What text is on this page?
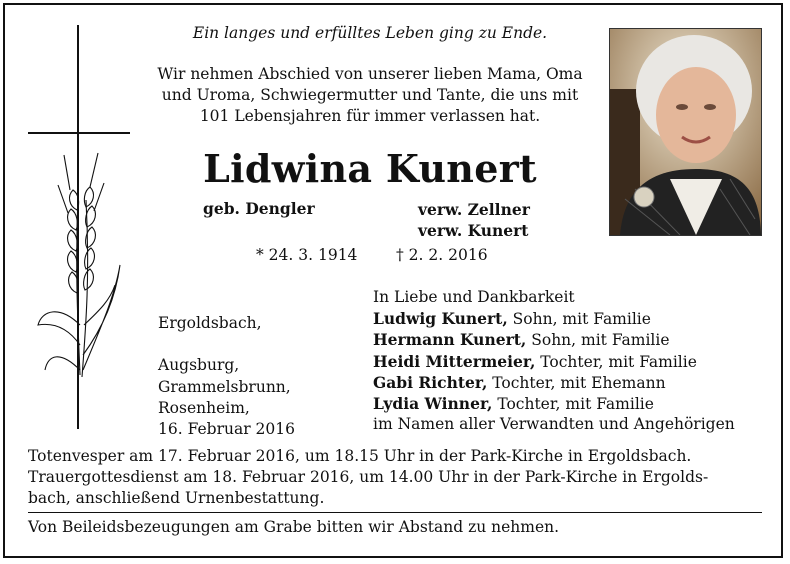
Ein langes und erfülltes Leben ging zu Ende.
Wir nehmen Abschied von unserer lieben Mama, Oma und Uroma, Schwiegermutter und Tante, die uns mit 101 Lebensjahren für immer verlassen hat.
Lidwina Kunert
geb. Dengler	verw. Zellner
verw. Kunert
* 24. 3. 1914 † 2. 2. 2016
In Liebe und Dankbarkeit
Ludwig Kunert, Sohn, mit Familie
Hermann Kunert, Sohn, mit Familie
Heidi Mittermeier, Tochter, mit Familie
Gabi Richter, Tochter, mit Ehemann
Lydia Winner, Tochter, mit Familie
im Namen aller Verwandten und Angehörigen
Ergoldsbach,
Augsburg,
Grammelsbrunn,
Rosenheim,
16. Februar 2016
Totenvesper am 17. Februar 2016, um 18.15 Uhr in der Park-Kirche in Ergoldsbach.
Trauergottesdienst am 18. Februar 2016, um 14.00 Uhr in der Park-Kirche in Ergolds-
bach, anschließend Urnenbestattung.
Von Beileidsbezeugungen am Grabe bitten wir Abstand zu nehmen.
